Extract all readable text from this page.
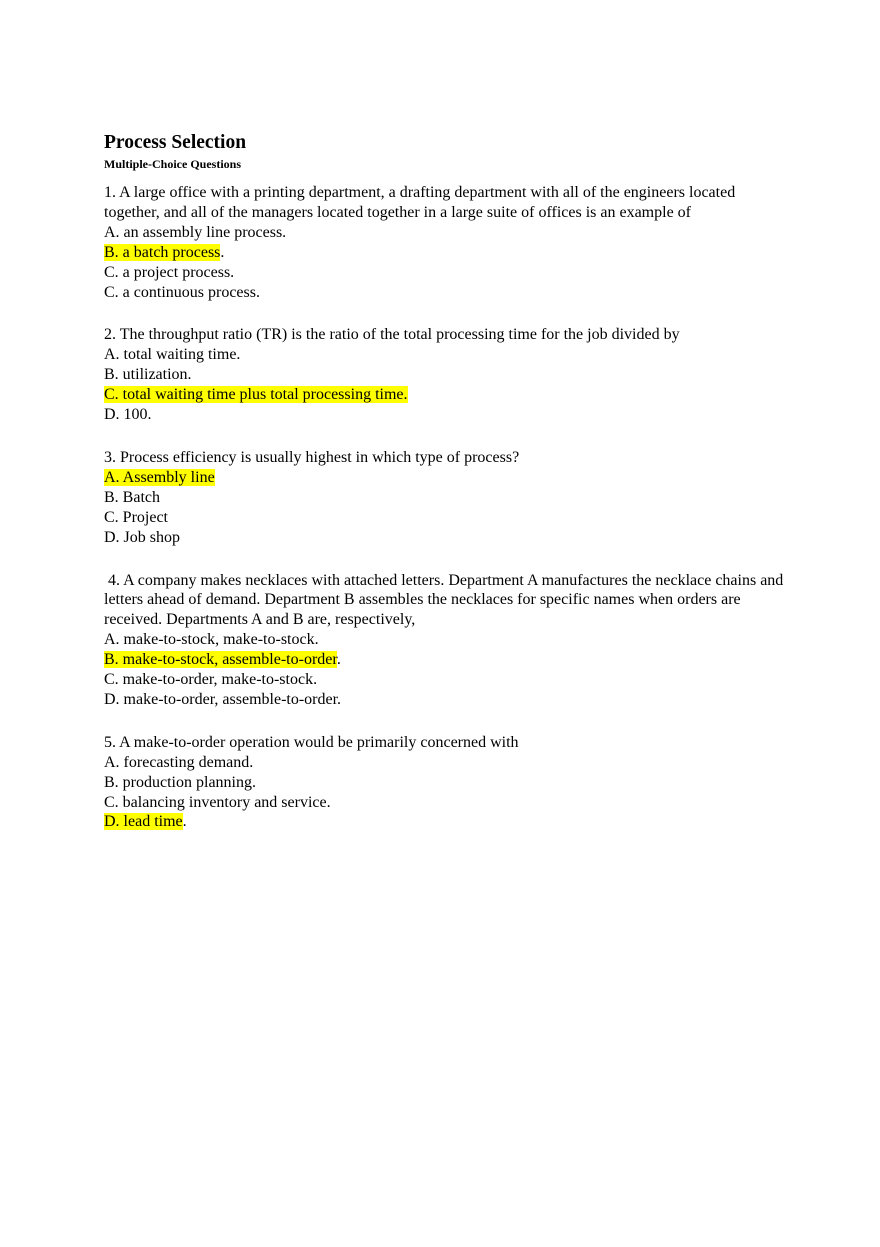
Process Selection

Multiple-Choice Questions

1. A large office with a printing department, a drafting department with all of the engineers located together, and all of the managers located together in a large suite of offices is an example of

A. an assembly line process.

B. a batch process.

C. a project process.

C. a continuous process.

2. The throughput ratio (TR) is the ratio of the total processing time for the job divided by

A. total waiting time.

B. utilization.

C. total waiting time plus total processing time.

D. 100.

3. Process efficiency is usually highest in which type of process?

A. Assembly line

B. Batch

C. Project

D. Job shop

4. A company makes necklaces with attached letters. Department A manufactures the necklace chains and letters ahead of demand. Department B assembles the necklaces for specific names when orders are received. Departments A and B are, respectively,

A. make-to-stock, make-to-stock.

B. make-to-stock, assemble-to-order.

C. make-to-order, make-to-stock.

D. make-to-order, assemble-to-order.

5. A make-to-order operation would be primarily concerned with

A. forecasting demand.

B. production planning.

C. balancing inventory and service.

D. lead time.
